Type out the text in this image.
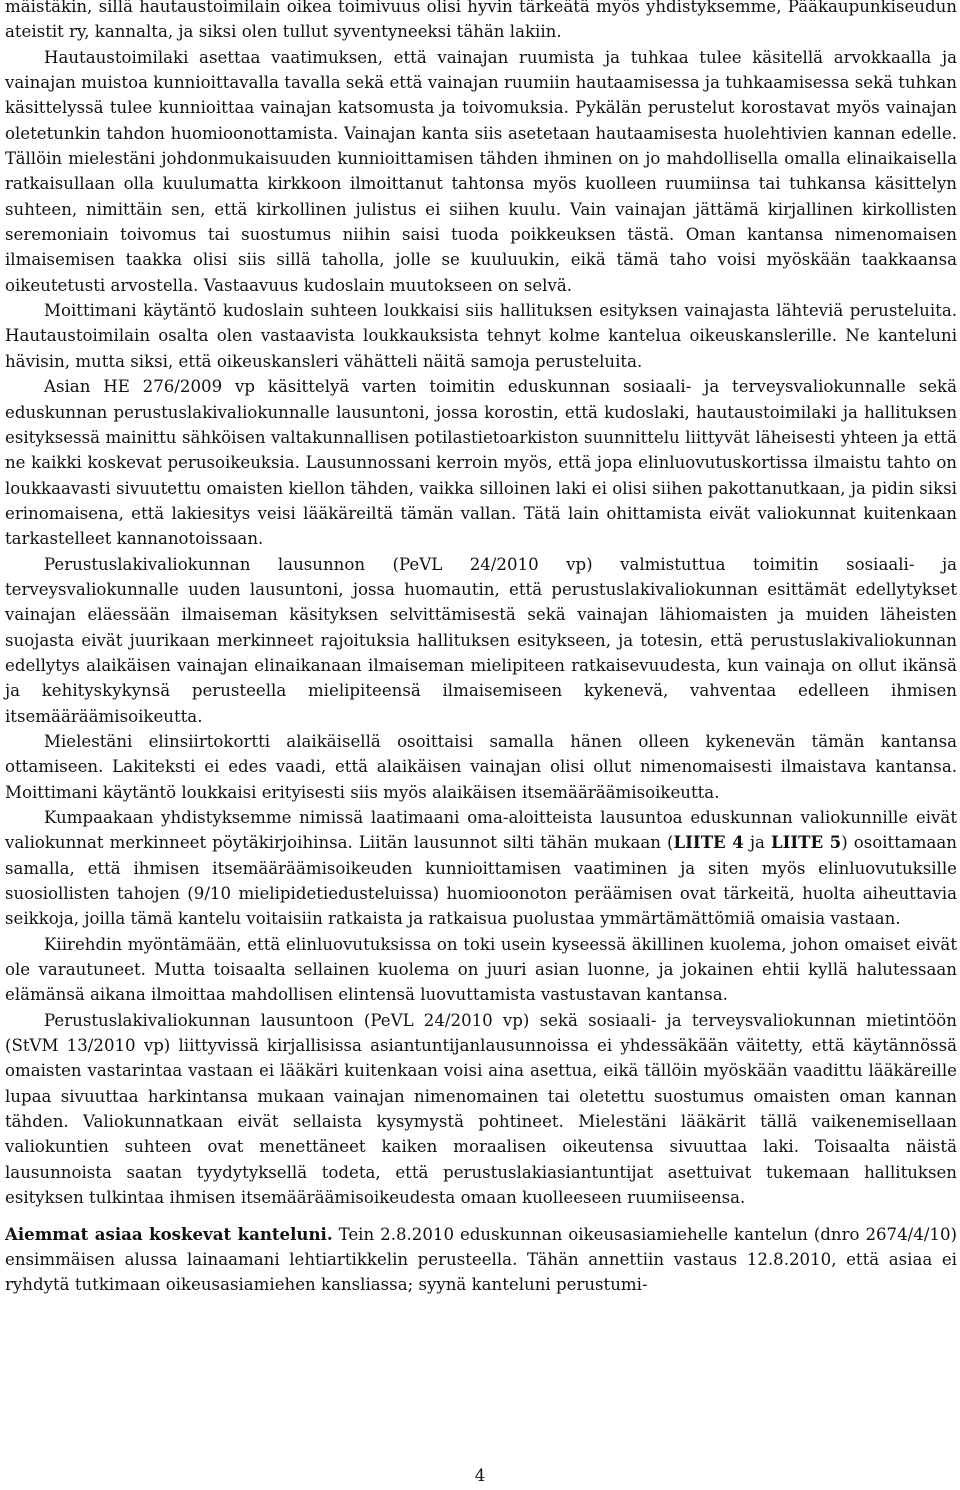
mäistäkin, sillä hautaustoimilain oikea toimivuus olisi hyvin tärkeätä myös yhdistyksemme, Pääkaupunkiseudun ateistit ry, kannalta, ja siksi olen tullut syventyneeksi tähän lakiin.

Hautaustoimilaki asettaa vaatimuksen, että vainajan ruumista ja tuhkaa tulee käsitellä arvokkaalla ja vainajan muistoa kunnioittavalla tavalla sekä että vainajan ruumiin hautaamisessa ja tuhkaamisessa sekä tuhkan käsittelyssä tulee kunnioittaa vainajan katsomusta ja toivomuksia. Pykälän perustelut korostavat myös vainajan oletetunkin tahdon huomioonottamista. Vainajan kanta siis asetetaan hautaamisesta huolehtivien kannan edelle. Tällöin mielestäni johdonmukaisuuden kunnioittamisen tähden ihminen on jo mahdollisella omalla elinaikaisella ratkaisullaan olla kuulumatta kirkkoon ilmoittanut tahtonsa myös kuolleen ruumiinsa tai tuhkansa käsittelyn suhteen, nimittäin sen, että kirkollinen julistus ei siihen kuulu. Vain vainajan jättämä kirjallinen kirkollisten seremoniain toivomus tai suostumus niihin saisi tuoda poikkeuksen tästä. Oman kantansa nimenomaisen ilmaisemisen taakka olisi siis sillä taholla, jolle se kuuluukin, eikä tämä taho voisi myöskään taakkaansa oikeutetusti arvostella. Vastaavuus kudoslain muutokseen on selvä.

Moittimani käytäntö kudoslain suhteen loukkaisi siis hallituksen esityksen vainajasta lähteviä perusteluita. Hautaustoimilain osalta olen vastaavista loukkauksista tehnyt kolme kantelua oikeuskanslerille. Ne kanteluni hävisin, mutta siksi, että oikeuskansleri vähätteli näitä samoja perusteluita.

Asian HE 276/2009 vp käsittelyä varten toimitin eduskunnan sosiaali- ja terveysvaliokunnalle sekä eduskunnan perustuslakivaliokunnalle lausuntoni, jossa korostin, että kudoslaki, hautaustoimilaki ja hallituksen esityksessä mainittu sähköisen valtakunnallisen potilastietoarkiston suunnittelu liittyvät läheisesti yhteen ja että ne kaikki koskevat perusoikeuksia. Lausunnossani kerroin myös, että jopa elinluovutuskortissa ilmaistu tahto on loukkaavasti sivuutettu omaisten kiellon tähden, vaikka silloinen laki ei olisi siihen pakottanutkaan, ja pidin siksi erinomaisena, että lakiesitys veisi lääkäreiltä tämän vallan. Tätä lain ohittamista eivät valiokunnat kuitenkaan tarkastelleet kannanotoissaan.

Perustuslakivaliokunnan lausunnon (PeVL 24/2010 vp) valmistuttua toimitin sosiaali- ja terveysvaliokunnalle uuden lausuntoni, jossa huomautin, että perustuslakivaliokunnan esittämät edellytykset vainajan eläessään ilmaiseman käsityksen selvittämisestä sekä vainajan lähiomaisten ja muiden läheisten suojasta eivät juurikaan merkinneet rajoituksia hallituksen esitykseen, ja totesin, että perustuslakivaliokunnan edellytys alaikäisen vainajan elinaikanaan ilmaiseman mielipiteen ratkaisevuudesta, kun vainaja on ollut ikänsä ja kehityskykynsä perusteella mielipiteensä ilmaisemiseen kykenevä, vahventaa edelleen ihmisen itsemääräämisoikeutta.

Mielestäni elinsiirtokortti alaikäisellä osoittaisi samalla hänen olleen kykenevän tämän kantansa ottamiseen. Lakiteksti ei edes vaadi, että alaikäisen vainajan olisi ollut nimenomaisesti ilmaistava kantansa. Moittimani käytäntö loukkaisi erityisesti siis myös alaikäisen itsemääräämisoikeutta.

Kumpaakaan yhdistyksemme nimissä laatimaani oma-aloitteista lausuntoa eduskunnan valiokunnille eivät valiokunnat merkinneet pöytäkirjoihinsa. Liitän lausunnot silti tähän mukaan (LIITE 4 ja LIITE 5) osoittamaan samalla, että ihmisen itsemääräämisoikeuden kunnioittamisen vaatiminen ja siten myös elinluovutuksille suosiollisten tahojen (9/10 mielipidetiedusteluissa) huomioonoton peräämisen ovat tärkeitä, huolta aiheuttavia seikkoja, joilla tämä kantelu voitaisiin ratkaista ja ratkaisua puolustaa ymmärtämättömiä omaisia vastaan.

Kiirehdin myöntämään, että elinluovutuksissa on toki usein kyseessä äkillinen kuolema, johon omaiset eivät ole varautuneet. Mutta toisaalta sellainen kuolema on juuri asian luonne, ja jokainen ehtii kyllä halutessaan elämänsä aikana ilmoittaa mahdollisen elintensä luovuttamista vastustavan kantansa.

Perustuslakivaliokunnan lausuntoon (PeVL 24/2010 vp) sekä sosiaali- ja terveysvaliokunnan mietintöön (StVM 13/2010 vp) liittyvissä kirjallisissa asiantuntijanlausunnoissa ei yhdessäkään väitetty, että käytännössä omaisten vastarintaa vastaan ei lääkäri kuitenkaan voisi aina asettua, eikä tällöin myöskään vaadittu lääkäreille lupaa sivuuttaa harkintansa mukaan vainajan nimenomainen tai oletettu suostumus omaisten oman kannan tähden. Valiokunnatkaan eivät sellaista kysymystä pohtineet. Mielestäni lääkärit tällä vaikenemisellaan valiokuntien suhteen ovat menettäneet kaiken moraalisen oikeutensa sivuuttaa laki. Toisaalta näistä lausunnoista saatan tyydytyksellä todeta, että perustuslakiasiantuntijat asettuivat tukemaan hallituksen esityksen tulkintaa ihmisen itsemääräämisoikeudesta omaan kuolleeseen ruumiiseensa.

Aiemmat asiaa koskevat kanteluni. Tein 2.8.2010 eduskunnan oikeusasiamiehelle kantelun (dnro 2674/4/10) ensimmäisen alussa lainaamani lehtiartikkelin perusteella. Tähän annettiin vastaus 12.8.2010, että asiaa ei ryhdytä tutkimaan oikeusasiamiehen kansliassa; syynä kanteluni perustumi-

4
